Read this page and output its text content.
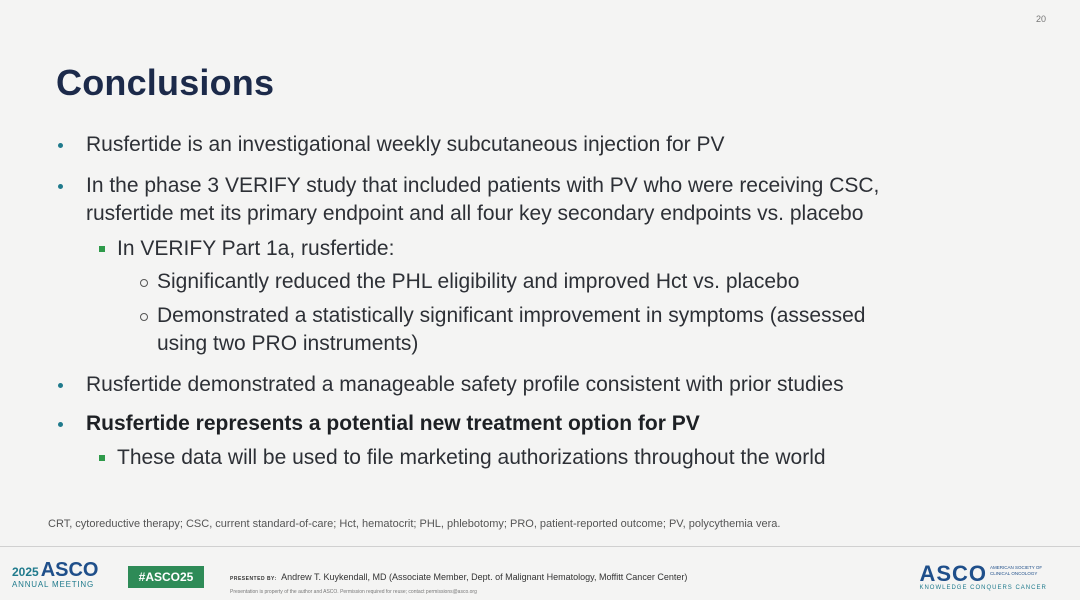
20
Conclusions
Rusfertide is an investigational weekly subcutaneous injection for PV
In the phase 3 VERIFY study that included patients with PV who were receiving CSC,
rusfertide met its primary endpoint and all four key secondary endpoints vs. placebo
In VERIFY Part 1a, rusfertide:
Significantly reduced the PHL eligibility and improved Hct vs. placebo
Demonstrated a statistically significant improvement in symptoms (assessed
using two PRO instruments)
Rusfertide demonstrated a manageable safety profile consistent with prior studies
Rusfertide represents a potential new treatment option for PV
These data will be used to file marketing authorizations throughout the world
CRT, cytoreductive therapy; CSC, current standard-of-care; Hct, hematocrit; PHL, phlebotomy; PRO, patient-reported outcome; PV, polycythemia vera.
2025 ASCO
ANNUAL MEETING
#ASCO25	PRESENTED BY: Andrew T. Kuykendall, MD (Associate Member, Dept. of Malignant Hematology, Moffitt Cancer Center)
Presentation is property of the author and ASCO. Permission required for reuse; contact permissions@asco.org
ASCO AMERICAN SOCIETY OF CLINICAL ONCOLOGY
KNOWLEDGE CONQUERS CANCER
